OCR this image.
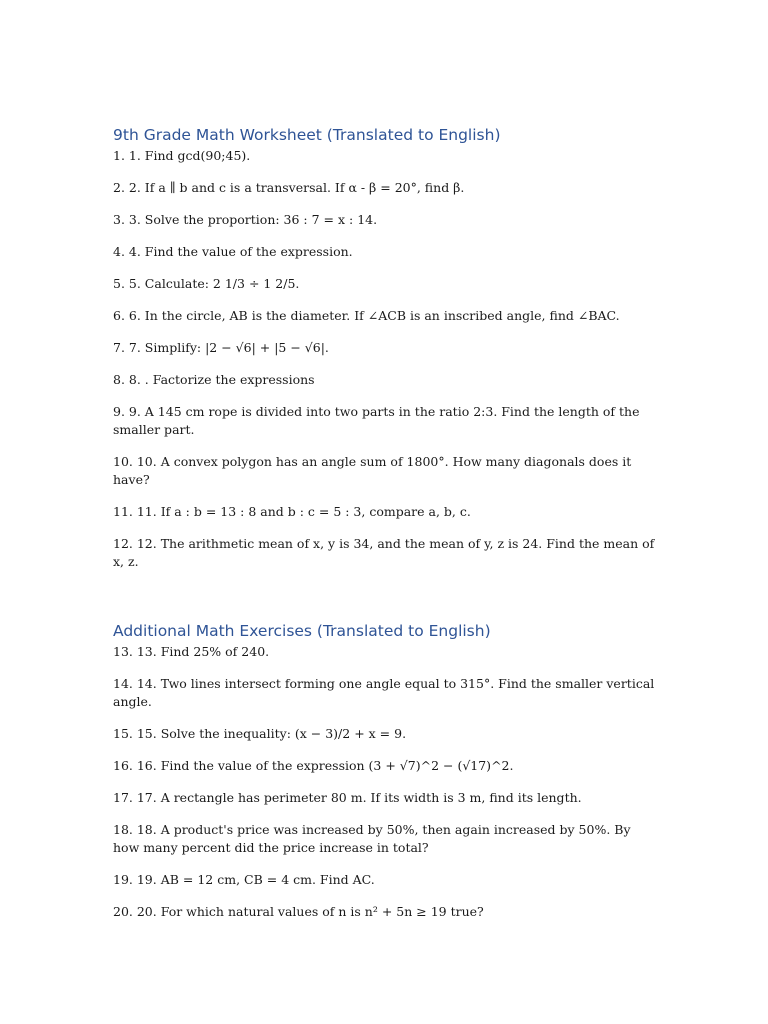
9th Grade Math Worksheet (Translated to English)
1. 1. Find gcd(90;45).
2. 2. If a ∥ b and c is a transversal. If α - β = 20°, find β.
3. 3. Solve the proportion: 36 : 7 = x : 14.
4. 4. Find the value of the expression.
5. 5. Calculate: 2 1/3 ÷ 1 2/5.
6. 6. In the circle, AB is the diameter. If ∠ACB is an inscribed angle, find ∠BAC.
7. 7. Simplify: |2 − √6| + |5 − √6|.
8. 8. . Factorize the expressions
9. 9. A 145 cm rope is divided into two parts in the ratio 2:3. Find the length of the smaller part.
10. 10. A convex polygon has an angle sum of 1800°. How many diagonals does it have?
11. 11. If a : b = 13 : 8 and b : c = 5 : 3, compare a, b, c.
12. 12. The arithmetic mean of x, y is 34, and the mean of y, z is 24. Find the mean of x, z.
Additional Math Exercises (Translated to English)
13. 13. Find 25% of 240.
14. 14. Two lines intersect forming one angle equal to 315°. Find the smaller vertical angle.
15. 15. Solve the inequality: (x − 3)/2 + x = 9.
16. 16. Find the value of the expression (3 + √7)^2 − (√17)^2.
17. 17. A rectangle has perimeter 80 m. If its width is 3 m, find its length.
18. 18. A product's price was increased by 50%, then again increased by 50%. By how many percent did the price increase in total?
19. 19. AB = 12 cm, CB = 4 cm. Find AC.
20. 20. For which natural values of n is n² + 5n ≥ 19 true?
